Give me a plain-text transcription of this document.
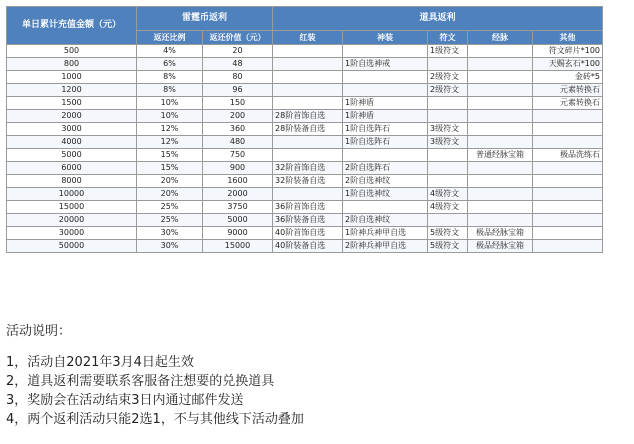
单日累计充值金额（元）	雷霆币返利		道具返利				
	返还比例	返还价值（元）	红装	神装	符文	经脉	其他
500	4%	20			1级符文		符文碎片*100
800	6%	48		1阶自选神戒			天赐玄石*100
1000	8%	80			2级符文		金砖*5
1200	8%	96			2级符文		元素转换石
1500	10%	150		1阶神盾			元素转换石
2000	10%	200	28阶首饰自选	1阶神盾			
3000	12%	360	28阶装备自选	1阶自选阵石	3级符文		
4000	12%	480		1阶自选阵石	3级符文		
5000	15%	750				普通经脉宝箱	极品洗练石
6000	15%	900	32阶首饰自选	2阶自选阵石			
8000	20%	1600	32阶装备自选	2阶自选神纹			
10000	20%	2000		1阶自选神纹	4级符文		
15000	25%	3750	36阶首饰自选		4级符文		
20000	25%	5000	36阶装备自选	2阶自选神纹			
30000	30%	9000	40阶首饰自选	1阶神兵神甲自选	5级符文	极品经脉宝箱	
50000	30%	15000	40阶装备自选	2阶神兵神甲自选	5级符文	极品经脉宝箱	
活动说明：
1，活动自2021年3月4日起生效
2，道具返利需要联系客服备注想要的兑换道具
3，奖励会在活动结束3日内通过邮件发送
4，两个返利活动只能2选1，不与其他线下活动叠加
